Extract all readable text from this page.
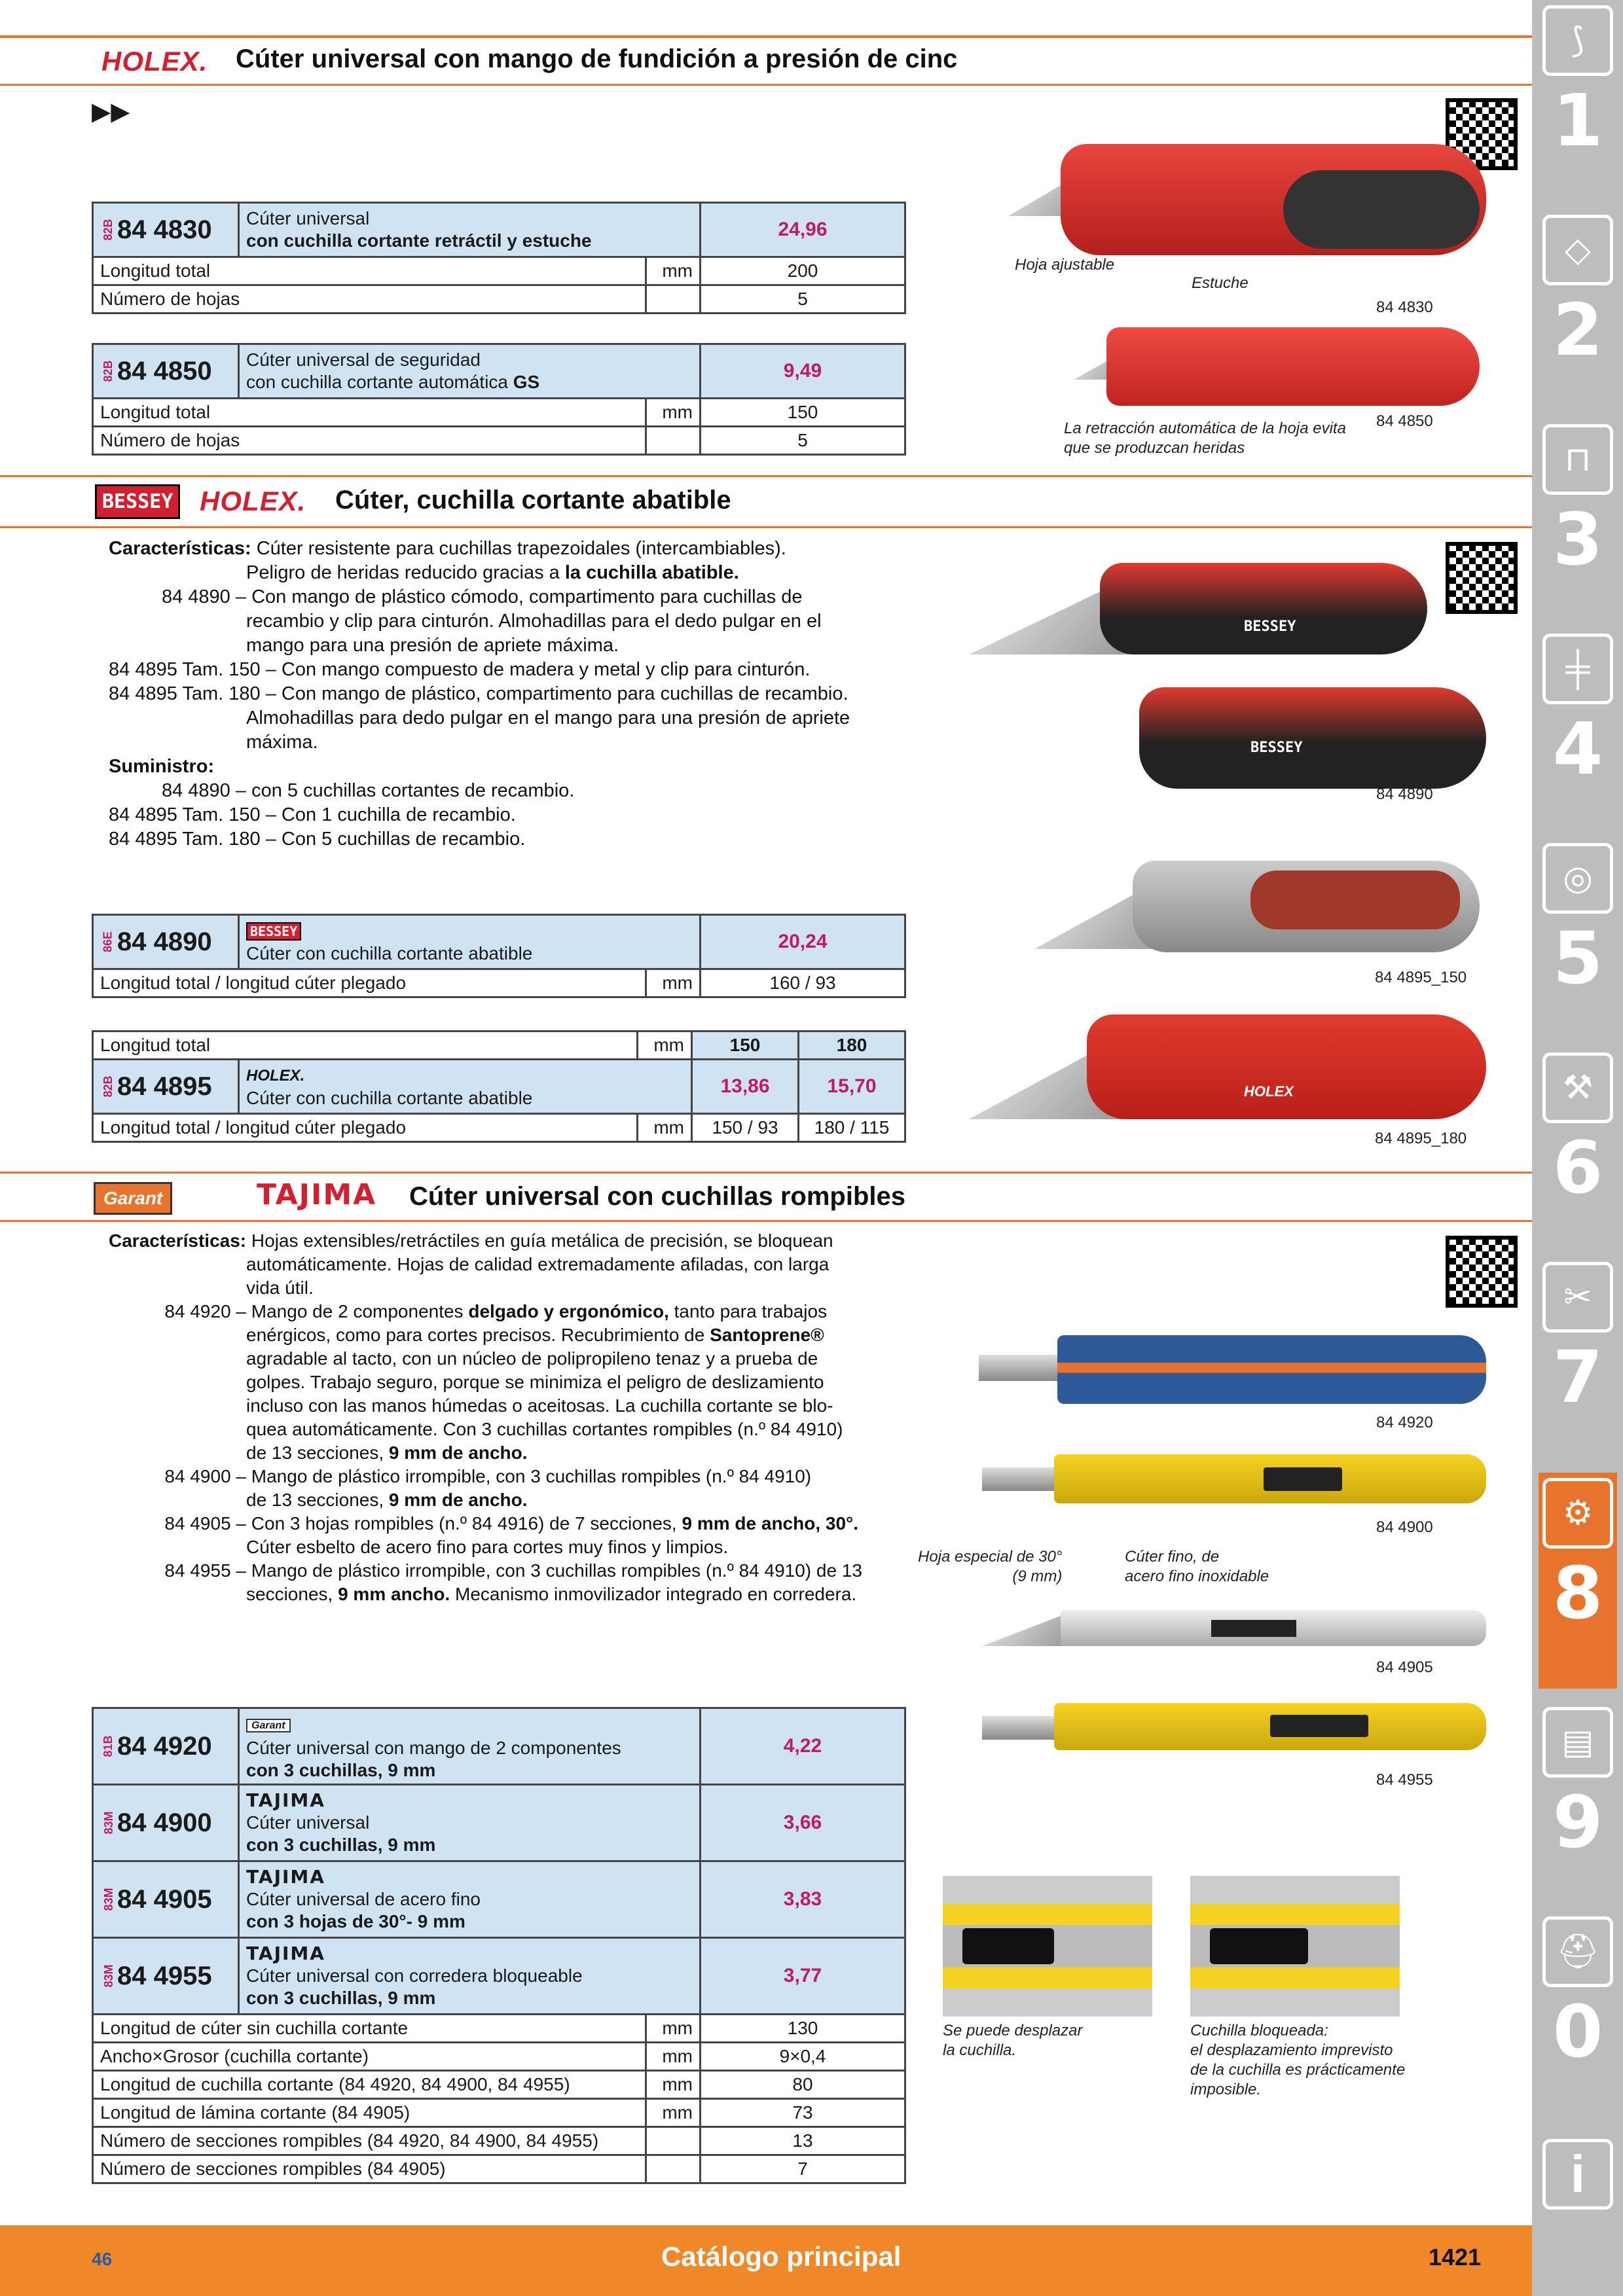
HOLEX. Cúter universal con mango de fundición a presión de cinc
▶▶
82B 84 4830	Cúter universal
con cuchilla cortante retráctil y estuche		24,96
Longitud total		mm	200
Número de hojas			5
82B 84 4850	Cúter universal de seguridad
con cuchilla cortante automática GS		9,49
Longitud total		mm	150
Número de hojas			5
Hoja ajustable
Estuche
84 4830
La retracción automática de la hoja evita
que se produzcan heridas
84 4850
BESSEY HOLEX. Cúter, cuchilla cortante abatible
Características: Cúter resistente para cuchillas trapezoidales (intercambiables).
Peligro de heridas reducido gracias a la cuchilla abatible.
84 4890 – Con mango de plástico cómodo, compartimento para cuchillas de
recambio y clip para cinturón. Almohadillas para el dedo pulgar en el
mango para una presión de apriete máxima.
84 4895 Tam. 150 – Con mango compuesto de madera y metal y clip para cinturón.
84 4895 Tam. 180 – Con mango de plástico, compartimento para cuchillas de recambio.
Almohadillas para dedo pulgar en el mango para una presión de apriete
máxima.
Suministro:
84 4890 – con 5 cuchillas cortantes de recambio.
84 4895 Tam. 150 – Con 1 cuchilla de recambio.
84 4895 Tam. 180 – Con 5 cuchillas de recambio.
86E 84 4890	BESSEY
Cúter con cuchilla cortante abatible		20,24
Longitud total / longitud cúter plegado		mm	160 / 93
Longitud total		mm	150	180

82B 84 4895	HOLEX.
Cúter con cuchilla cortante abatible		13,86	15,70
Longitud total / longitud cúter plegado		mm	150 / 93	180 / 115
BESSEY
BESSEY
84 4890
84 4895_150
HOLEX
84 4895_180
Garant	TAJIMA Cúter universal con cuchillas rompibles
Características: Hojas extensibles/retráctiles en guía metálica de precisión, se bloquean
automáticamente. Hojas de calidad extremadamente afiladas, con larga
vida útil.
84 4920 – Mango de 2 componentes delgado y ergonómico, tanto para trabajos
enérgicos, como para cortes precisos. Recubrimiento de Santoprene®
agradable al tacto, con un núcleo de polipropileno tenaz y a prueba de
golpes. Trabajo seguro, porque se minimiza el peligro de deslizamiento
incluso con las manos húmedas o aceitosas. La cuchilla cortante se blo-
quea automáticamente. Con 3 cuchillas cortantes rompibles (n.º 84 4910)
de 13 secciones, 9 mm de ancho.
84 4900 – Mango de plástico irrompible, con 3 cuchillas rompibles (n.º 84 4910)
de 13 secciones, 9 mm de ancho.
84 4905 – Con 3 hojas rompibles (n.º 84 4916) de 7 secciones, 9 mm de ancho, 30°.
Cúter esbelto de acero fino para cortes muy finos y limpios.
84 4955 – Mango de plástico irrompible, con 3 cuchillas rompibles (n.º 84 4910) de 13
secciones, 9 mm ancho. Mecanismo inmovilizador integrado en corredera.
81B 84 4920	Garant
Cúter universal con mango de 2 componentes
con 3 cuchillas, 9 mm		4,22

83M 84 4900	TAJIMA
Cúter universal
con 3 cuchillas, 9 mm		3,66

83M 84 4905	TAJIMA
Cúter universal de acero fino
con 3 hojas de 30°- 9 mm		3,83

83M 84 4955	TAJIMA
Cúter universal con corredera bloqueable
con 3 cuchillas, 9 mm		3,77
Longitud de cúter sin cuchilla cortante		mm	130
Ancho×Grosor (cuchilla cortante)		mm	9×0,4
Longitud de cuchilla cortante (84 4920, 84 4900, 84 4955)		mm	80
Longitud de lámina cortante (84 4905)		mm	73
Número de secciones rompibles (84 4920, 84 4900, 84 4955)			13
Número de secciones rompibles (84 4905)			7
84 4920
84 4900
Hoja especial de 30°
(9 mm)
Cúter fino, de
acero fino inoxidable
84 4905
84 4955
Se puede desplazar
la cuchilla.
Cuchilla bloqueada:
el desplazamiento imprevisto
de la cuchilla es prácticamente
imposible.
⟆
1
◇
2
⊓
3
╪
4
◎
5
⚒
6
✂
7
⚙
8
▤
9
⛑
0
i
46	Catálogo principal	1421
